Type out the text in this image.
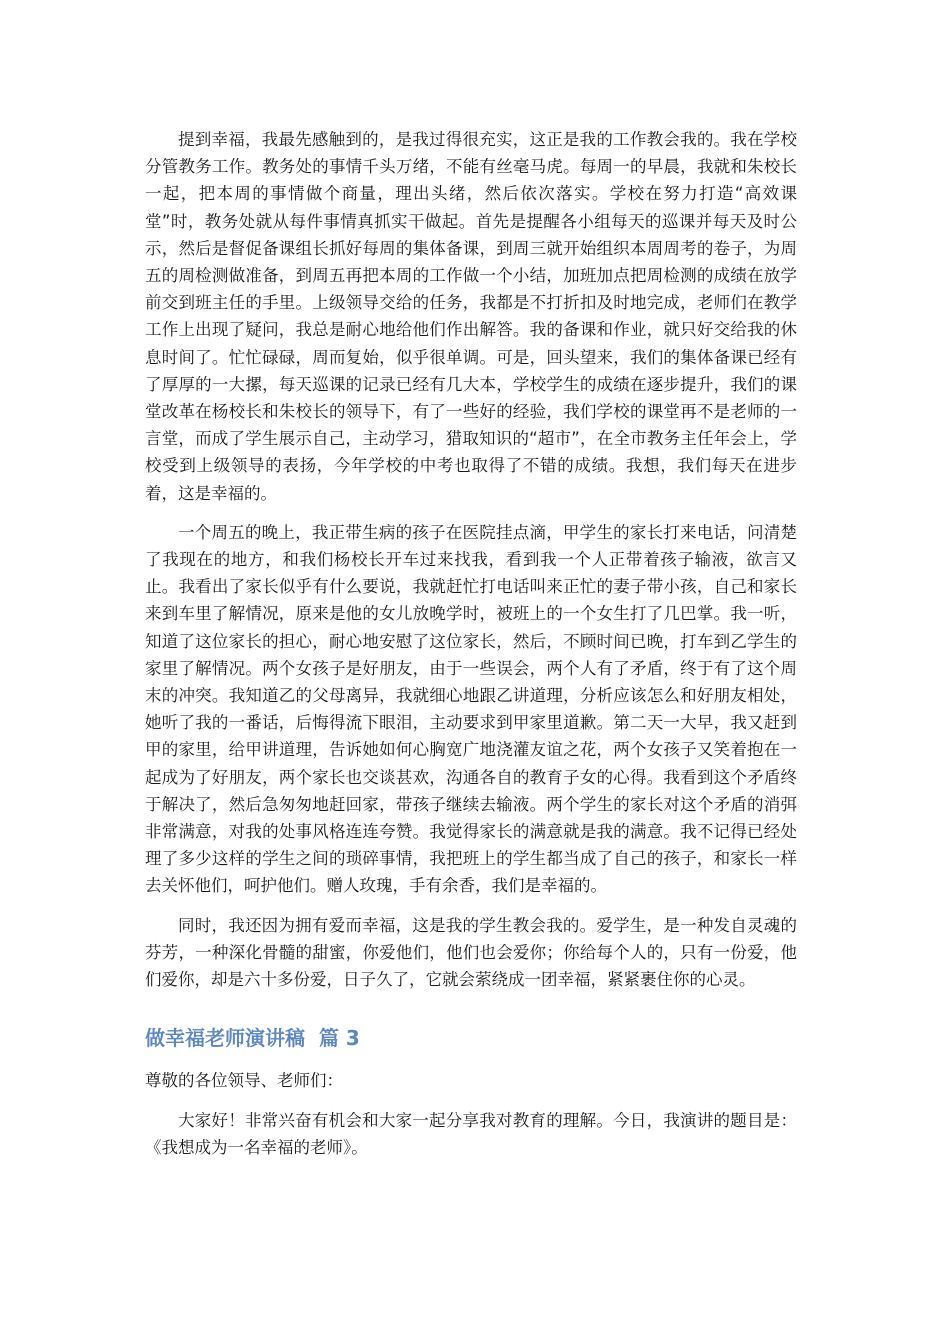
提到幸福，我最先感触到的，是我过得很充实，这正是我的工作教会我的。我在学校分管教务工作。教务处的事情千头万绪，不能有丝毫马虎。每周一的早晨，我就和朱校长一起，把本周的事情做个商量，理出头绪，然后依次落实。学校在努力打造“高效课堂”时，教务处就从每件事情真抓实干做起。首先是提醒各小组每天的巡课并每天及时公示，然后是督促备课组长抓好每周的集体备课，到周三就开始组织本周周考的卷子，为周五的周检测做准备，到周五再把本周的工作做一个小结，加班加点把周检测的成绩在放学前交到班主任的手里。上级领导交给的任务，我都是不打折扣及时地完成，老师们在教学工作上出现了疑问，我总是耐心地给他们作出解答。我的备课和作业，就只好交给我的休息时间了。忙忙碌碌，周而复始，似乎很单调。可是，回头望来，我们的集体备课已经有了厚厚的一大摞，每天巡课的记录已经有几大本，学校学生的成绩在逐步提升，我们的课堂改革在杨校长和朱校长的领导下，有了一些好的经验，我们学校的课堂再不是老师的一言堂，而成了学生展示自己，主动学习，猎取知识的“超市”，在全市教务主任年会上，学校受到上级领导的表扬，今年学校的中考也取得了不错的成绩。我想，我们每天在进步着，这是幸福的。

一个周五的晚上，我正带生病的孩子在医院挂点滴，甲学生的家长打来电话，问清楚了我现在的地方，和我们杨校长开车过来找我，看到我一个人正带着孩子输液，欲言又止。我看出了家长似乎有什么要说，我就赶忙打电话叫来正忙的妻子带小孩，自己和家长来到车里了解情况，原来是他的女儿放晚学时，被班上的一个女生打了几巴掌。我一听，知道了这位家长的担心，耐心地安慰了这位家长，然后，不顾时间已晚，打车到乙学生的家里了解情况。两个女孩子是好朋友，由于一些误会，两个人有了矛盾，终于有了这个周末的冲突。我知道乙的父母离异，我就细心地跟乙讲道理，分析应该怎么和好朋友相处，她听了我的一番话，后悔得流下眼泪，主动要求到甲家里道歉。第二天一大早，我又赶到甲的家里，给甲讲道理，告诉她如何心胸宽广地浇灌友谊之花，两个女孩子又笑着抱在一起成为了好朋友，两个家长也交谈甚欢，沟通各自的教育子女的心得。我看到这个矛盾终于解决了，然后急匆匆地赶回家，带孩子继续去输液。两个学生的家长对这个矛盾的消弭非常满意，对我的处事风格连连夸赞。我觉得家长的满意就是我的满意。我不记得已经处理了多少这样的学生之间的琐碎事情，我把班上的学生都当成了自己的孩子，和家长一样去关怀他们，呵护他们。赠人玫瑰，手有余香，我们是幸福的。

同时，我还因为拥有爱而幸福，这是我的学生教会我的。爱学生，是一种发自灵魂的芬芳，一种深化骨髓的甜蜜，你爱他们，他们也会爱你；你给每个人的，只有一份爱，他们爱你，却是六十多份爱，日子久了，它就会萦绕成一团幸福，紧紧裹住你的心灵。

做幸福老师演讲稿 篇 3

尊敬的各位领导、老师们：

大家好！非常兴奋有机会和大家一起分享我对教育的理解。今日，我演讲的题目是：《我想成为一名幸福的老师》。
